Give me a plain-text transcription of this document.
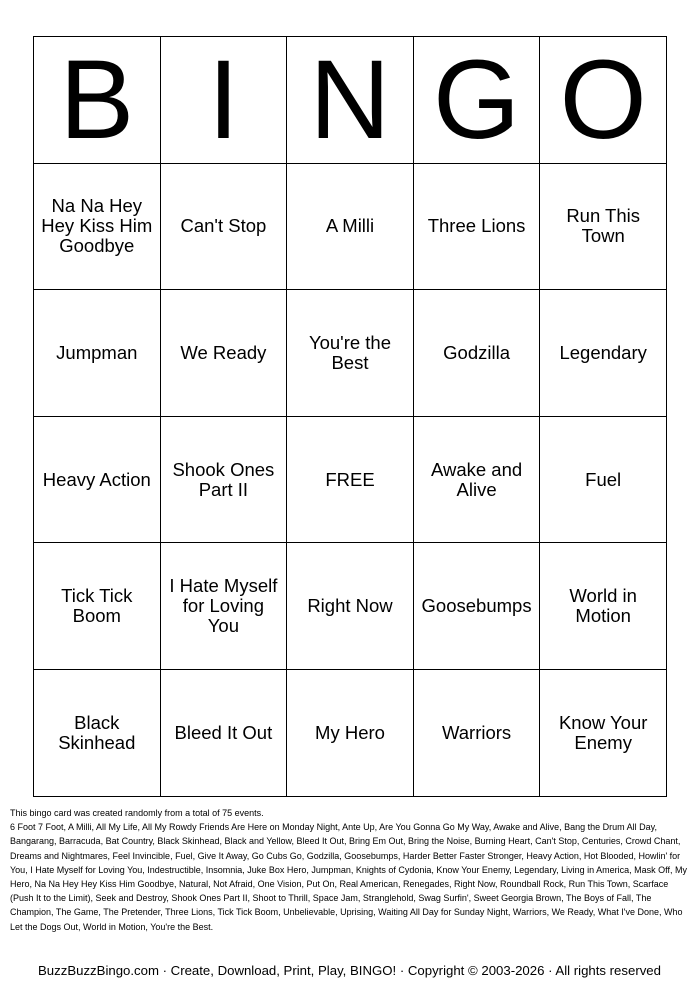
B	I	N	G	O
Na Na Hey Hey Kiss Him Goodbye	Can't Stop	A Milli	Three Lions	Run This Town
Jumpman	We Ready	You're the Best	Godzilla	Legendary
Heavy Action	Shook Ones Part II	FREE	Awake and Alive	Fuel
Tick Tick Boom	I Hate Myself for Loving You	Right Now	Goosebumps	World in Motion
Black Skinhead	Bleed It Out	My Hero	Warriors	Know Your Enemy

This bingo card was created randomly from a total of 75 events.

6 Foot 7 Foot, A Milli, All My Life, All My Rowdy Friends Are Here on Monday Night, Ante Up, Are You Gonna Go My Way, Awake and Alive, Bang the Drum All Day, Bangarang, Barracuda, Bat Country, Black Skinhead, Black and Yellow, Bleed It Out, Bring Em Out, Bring the Noise, Burning Heart, Can't Stop, Centuries, Crowd Chant, Dreams and Nightmares, Feel Invincible, Fuel, Give It Away, Go Cubs Go, Godzilla, Goosebumps, Harder Better Faster Stronger, Heavy Action, Hot Blooded, Howlin' for You, I Hate Myself for Loving You, Indestructible, Insomnia, Juke Box Hero, Jumpman, Knights of Cydonia, Know Your Enemy, Legendary, Living in America, Mask Off, My Hero, Na Na Hey Hey Kiss Him Goodbye, Natural, Not Afraid, One Vision, Put On, Real American, Renegades, Right Now, Roundball Rock, Run This Town, Scarface (Push It to the Limit), Seek and Destroy, Shook Ones Part II, Shoot to Thrill, Space Jam, Stranglehold, Swag Surfin', Sweet Georgia Brown, The Boys of Fall, The Champion, The Game, The Pretender, Three Lions, Tick Tick Boom, Unbelievable, Uprising, Waiting All Day for Sunday Night, Warriors, We Ready, What I've Done, Who Let the Dogs Out, World in Motion, You're the Best.

BuzzBuzzBingo.com · Create, Download, Print, Play, BINGO! · Copyright © 2003-2026 · All rights reserved
